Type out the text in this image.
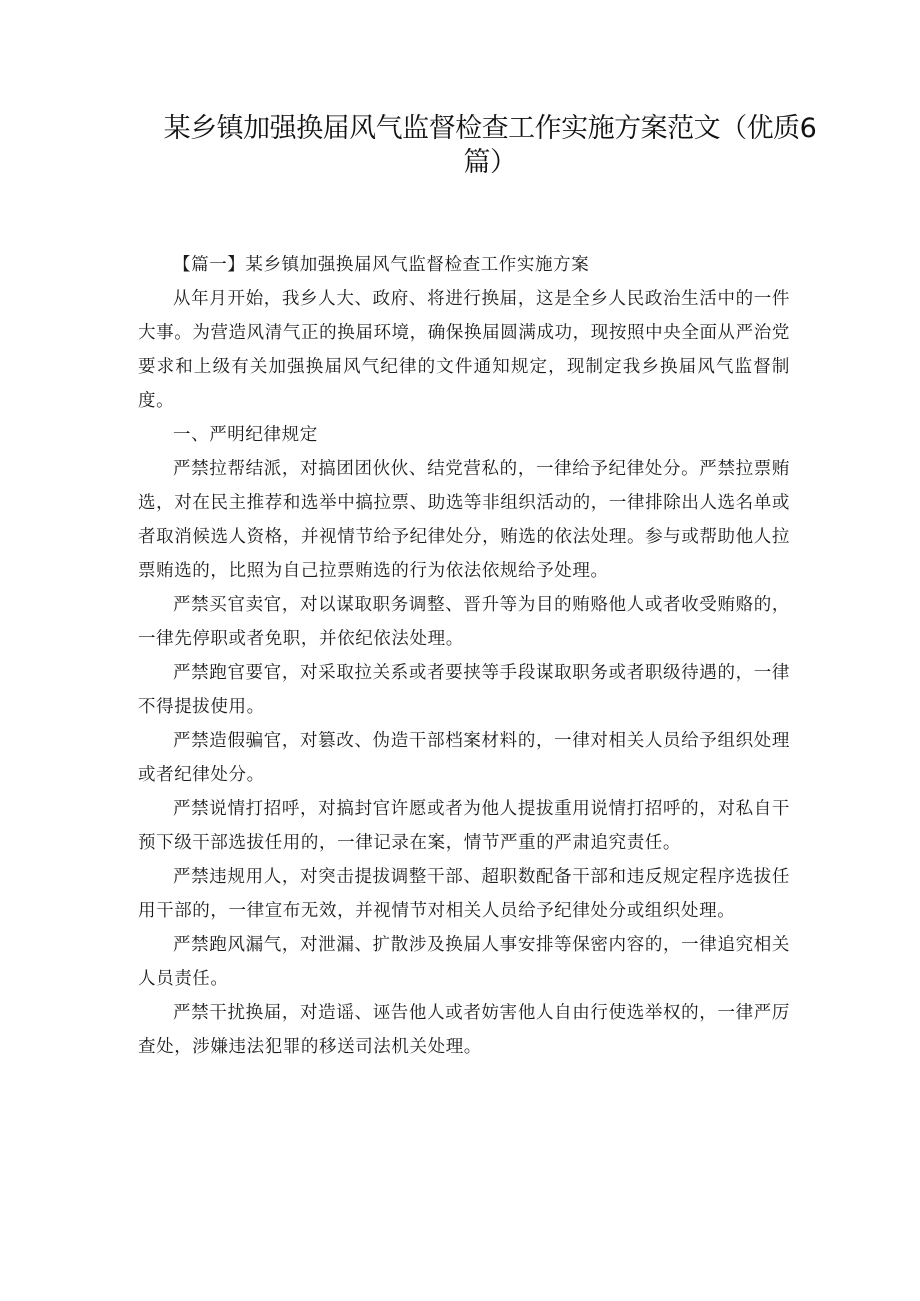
某乡镇加强换届风气监督检查工作实施方案范文（优质6篇）

【篇一】某乡镇加强换届风气监督检查工作实施方案

从年月开始，我乡人大、政府、将进行换届，这是全乡人民政治生活中的一件大事。为营造风清气正的换届环境，确保换届圆满成功，现按照中央全面从严治党要求和上级有关加强换届风气纪律的文件通知规定，现制定我乡换届风气监督制度。

一、严明纪律规定

严禁拉帮结派，对搞团团伙伙、结党营私的，一律给予纪律处分。严禁拉票贿选，对在民主推荐和选举中搞拉票、助选等非组织活动的，一律排除出人选名单或者取消候选人资格，并视情节给予纪律处分，贿选的依法处理。参与或帮助他人拉票贿选的，比照为自己拉票贿选的行为依法依规给予处理。

严禁买官卖官，对以谋取职务调整、晋升等为目的贿赂他人或者收受贿赂的，一律先停职或者免职，并依纪依法处理。

严禁跑官要官，对采取拉关系或者要挟等手段谋取职务或者职级待遇的，一律不得提拔使用。

严禁造假骗官，对篡改、伪造干部档案材料的，一律对相关人员给予组织处理或者纪律处分。

严禁说情打招呼，对搞封官许愿或者为他人提拔重用说情打招呼的，对私自干预下级干部选拔任用的，一律记录在案，情节严重的严肃追究责任。

严禁违规用人，对突击提拔调整干部、超职数配备干部和违反规定程序选拔任用干部的，一律宣布无效，并视情节对相关人员给予纪律处分或组织处理。

严禁跑风漏气，对泄漏、扩散涉及换届人事安排等保密内容的，一律追究相关人员责任。

严禁干扰换届，对造谣、诬告他人或者妨害他人自由行使选举权的，一律严厉查处，涉嫌违法犯罪的移送司法机关处理。
